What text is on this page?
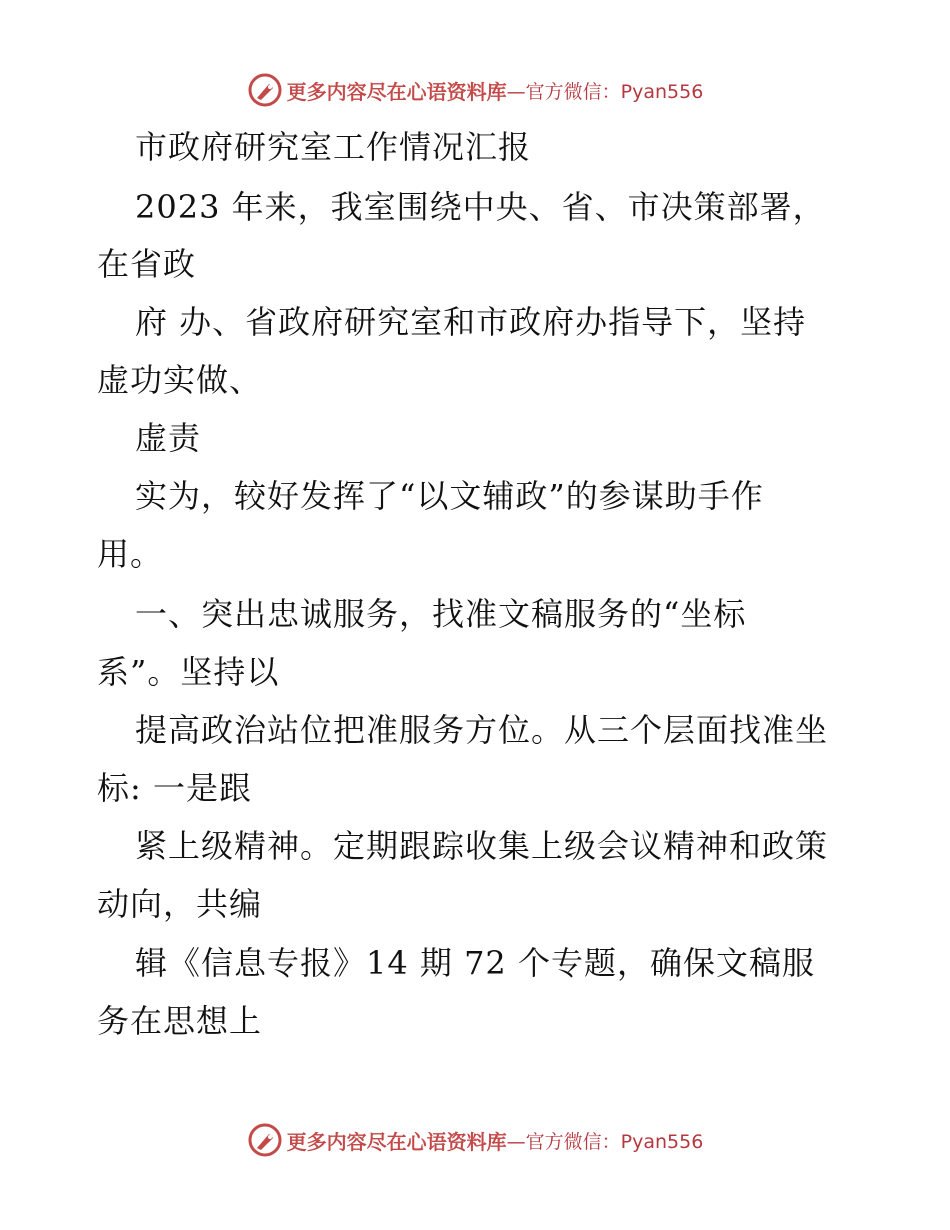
更多内容尽在心语资料库 —官方微信：Pyan556
市政府研究室工作情况汇报
2023 年来，我室围绕中央、省、市决策部署，
在省政
府 办、省政府研究室和市政府办指导下，坚持
虚功实做、
虚责
实为，较好发挥了“以文辅政”的参谋助手作
用。
一、突出忠诚服务，找准文稿服务的“坐标
系”。坚持以
提高政治站位把准服务方位。从三个层面找准坐
标: 一是跟
紧上级精神。定期跟踪收集上级会议精神和政策
动向，共编
辑《信息专报》14 期 72 个专题，确保文稿服
务在思想上
更多内容尽在心语资料库 —官方微信：Pyan556
